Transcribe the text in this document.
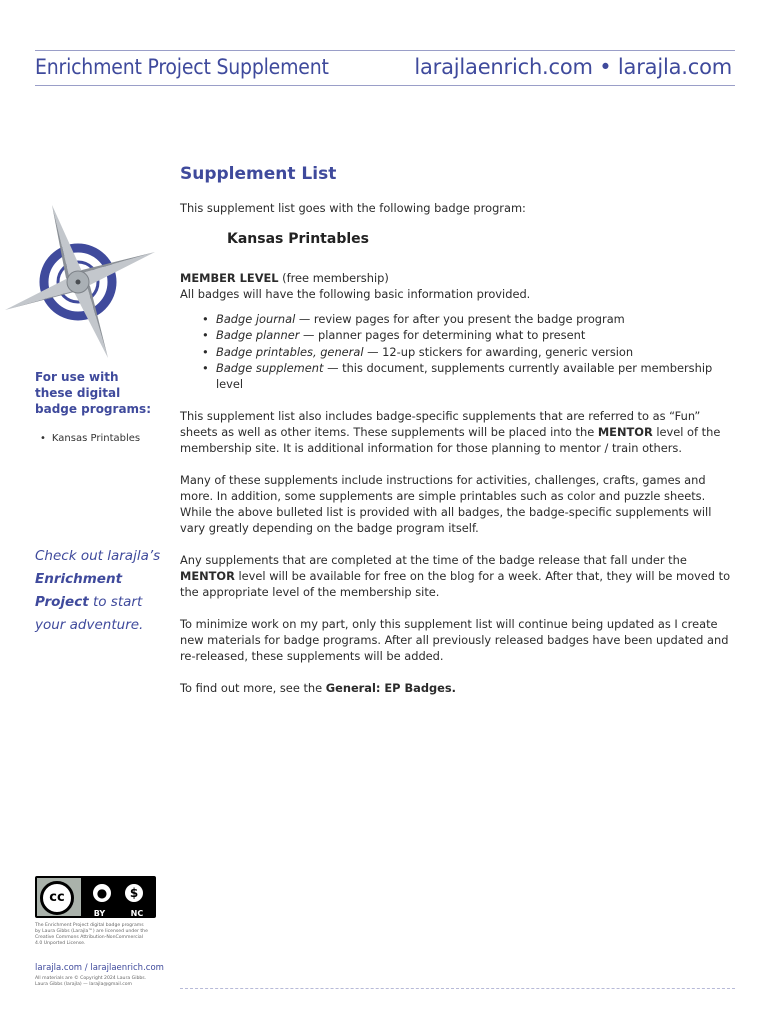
Enrichment Project Supplement	larajlaenrich.com • larajla.com
For use with these digital badge programs:
• Kansas Printables
Check out larajla’s Enrichment Project to start your adventure.
cc	●	$
BY	NC
The Enrichment Project digital badge programs by Laura Gibbs (Larajla™) are licensed under the Creative Commons Attribution-NonCommercial 4.0 Unported License.
larajla.com / larajlaenrich.com
All materials are © Copyright 2024 Laura Gibbs. Laura Gibbs (larajla) — larajla@gmail.com
Supplement List

This supplement list goes with the following badge program:

Kansas Printables

MEMBER LEVEL (free membership)

All badges will have the following basic information provided.

• Badge journal — review pages for after you present the badge program
• Badge planner — planner pages for determining what to present
• Badge printables, general — 12-up stickers for awarding, generic version
• Badge supplement — this document, supplements currently available per membership level

This supplement list also includes badge-specific supplements that are referred to as “Fun” sheets as well as other items. These supplements will be placed into the MENTOR level of the membership site. It is additional information for those planning to mentor / train others.

Many of these supplements include instructions for activities, challenges, crafts, games and more. In addition, some supplements are simple printables such as color and puzzle sheets. While the above bulleted list is provided with all badges, the badge-specific supplements will vary greatly depending on the badge program itself.

Any supplements that are completed at the time of the badge release that fall under the MENTOR level will be available for free on the blog for a week. After that, they will be moved to the appropriate level of the membership site.

To minimize work on my part, only this supplement list will continue being updated as I create new materials for badge programs. After all previously released badges have been updated and re-released, these supplements will be added.

To find out more, see the General: EP Badges.
